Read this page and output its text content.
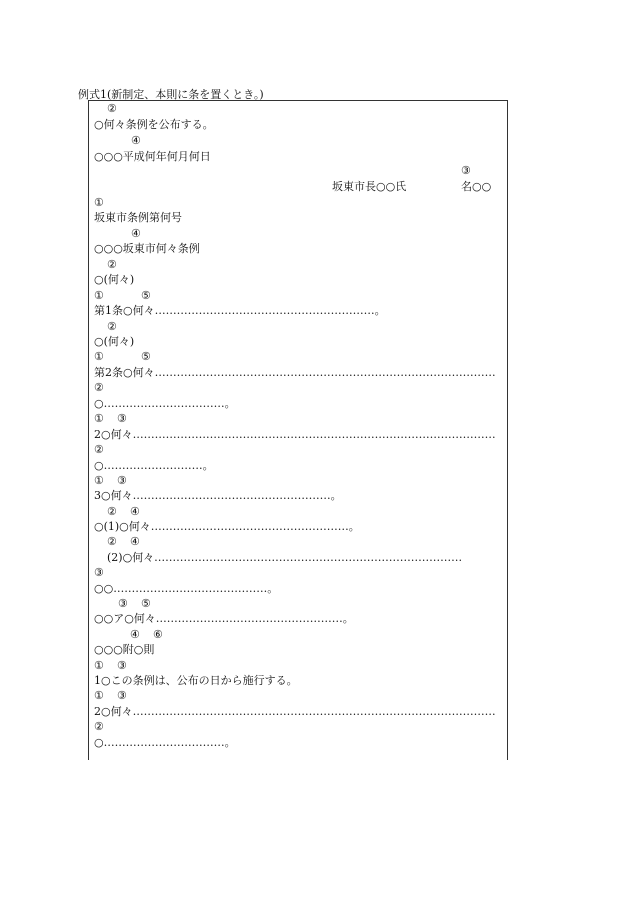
例式1(新制定、本則に条を置くとき。)
②
○何々条例を公布する。
④
○○○平成何年何月何日
③
坂東市長○○氏	名○○
①
坂東市条例第何号
④
○○○坂東市何々条例
②
○(何々)
①	⑤
第1条○何々……………………………………………………。
②
○(何々)
①	⑤
第2条○何々…………………………………………………………………………………
②
○……………………………。
① ③
2○何々………………………………………………………………………………………
②
○………………………。
① ③
3○何々………………………………………………。
② ④
○(1)○何々………………………………………………。
② ④
(2)○何々…………………………………………………………………………
③
○○……………………………………。
③ ⑤
○○ア○何々……………………………………………。
④ ⑥
○○○附○則
① ③
1○この条例は、公布の日から施行する。
① ③
2○何々………………………………………………………………………………………
②
○……………………………。
